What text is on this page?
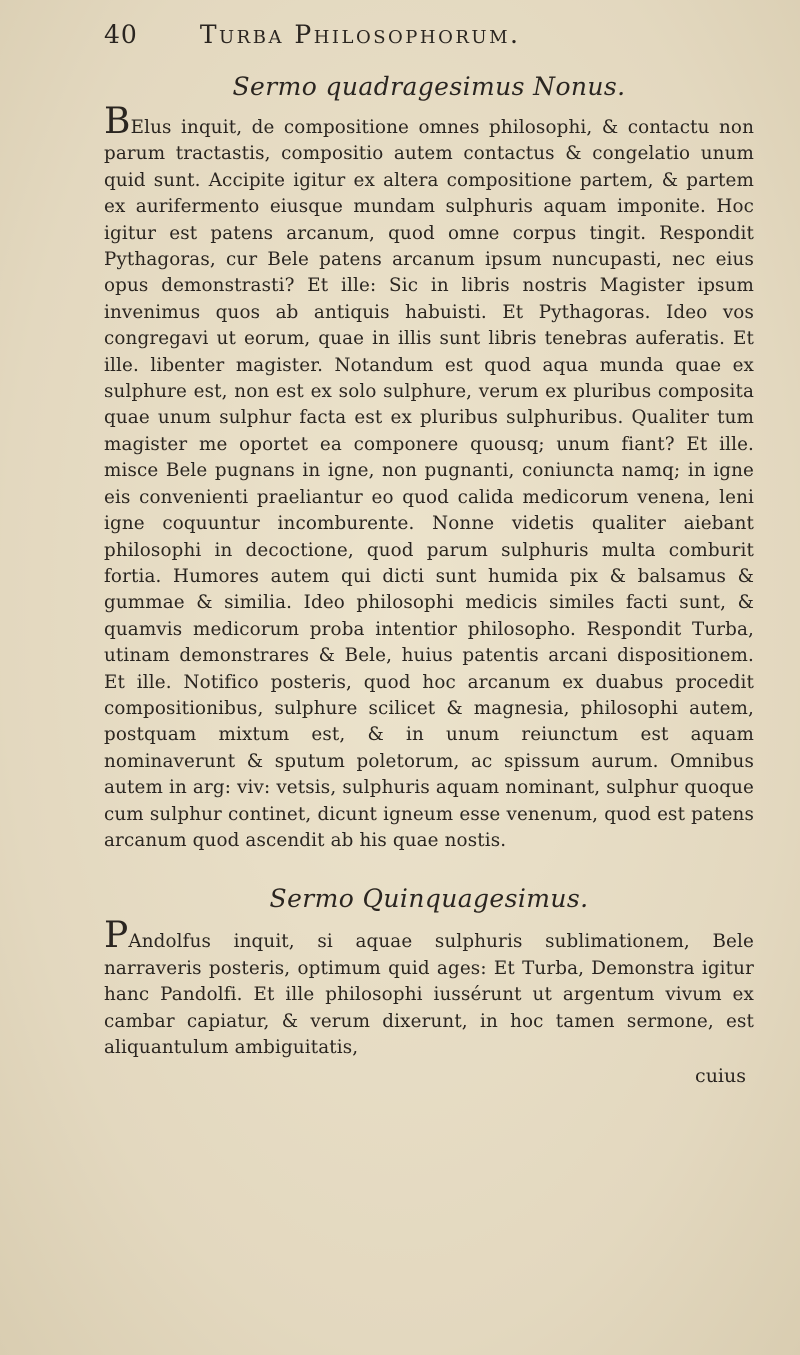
40 Turba Philosophorum.
Sermo quadragesimus Nonus.
BElus inquit, de compositione omnes philosophi, & contactu non parum tractastis, compositio autem contactus & congelatio unum quid sunt. Accipite igitur ex altera compositione partem, & partem ex aurifermento eiusque mundam sulphuris aquam imponite. Hoc igitur est patens arcanum, quod omne corpus tingit. Respondit Pythagoras, cur Bele patens arcanum ipsum nuncupasti, nec eius opus demonstrasti? Et ille: Sic in libris nostris Magister ipsum invenimus quos ab antiquis habuisti. Et Pythagoras. Ideo vos congregavi ut eorum, quae in illis sunt libris tenebras auferatis. Et ille. libenter magister. Notandum est quod aqua munda quae ex sulphure est, non est ex solo sulphure, verum ex pluribus composita quae unum sulphur facta est ex pluribus sulphuribus. Qualiter tum magister me oportet ea componere quousq; unum fiant? Et ille. misce Bele pugnans in igne, non pugnanti, coniuncta namq; in igne eis convenienti praeliantur eo quod calida medicorum venena, leni igne coquuntur incomburente. Nonne videtis qualiter aiebant philosophi in decoctione, quod parum sulphuris multa comburit fortia. Humores autem qui dicti sunt humida pix & balsamus & gummae & similia. Ideo philosophi medicis similes facti sunt, & quamvis medicorum proba intentior philosopho. Respondit Turba, utinam demonstrares & Bele, huius patentis arcani dispositionem. Et ille. Notifico posteris, quod hoc arcanum ex duabus procedit compositionibus, sulphure scilicet & magnesia, philosophi autem, postquam mixtum est, & in unum reiunctum est aquam nominaverunt & sputum poletorum, ac spissum aurum. Omnibus autem in arg: viv: vetsis, sulphuris aquam nominant, sulphur quoque cum sulphur continet, dicunt igneum esse venenum, quod est patens arcanum quod ascendit ab his quae nostis.
Sermo Quinquagesimus.
PAndolfus inquit, si aquae sulphuris sublimationem, Bele narraveris posteris, optimum quid ages: Et Turba, Demonstra igitur hanc Pandolfi. Et ille philosophi iussérunt ut argentum vivum ex cambar capiatur, & verum dixerunt, in hoc tamen sermone, est aliquantulum ambiguitatis,
cuius
